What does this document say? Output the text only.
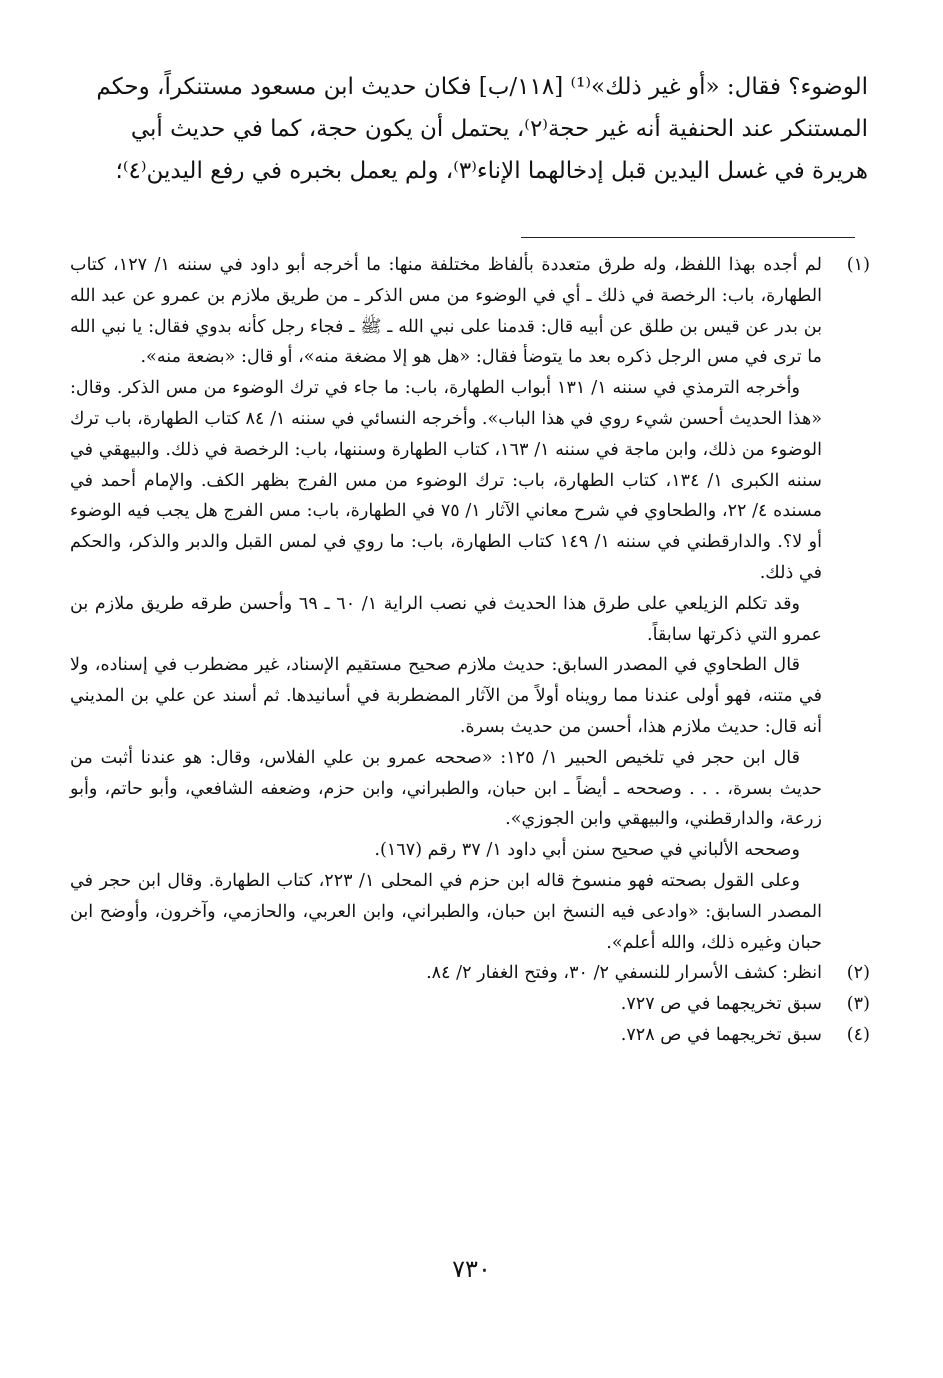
الوضوء؟ فقال: «أو غير ذلك»⁽¹⁾ [١١٨/ب] فكان حديث ابن مسعود مستنكراً، وحكم

المستنكر عند الحنفية أنه غير حجة⁽٢⁾، يحتمل أن يكون حجة، كما في حديث أبي

هريرة في غسل اليدين قبل إدخالهما الإناء⁽٣⁾، ولم يعمل بخبره في رفع اليدين⁽٤⁾؛

(١)

لم أجده بهذا اللفظ، وله طرق متعددة بألفاظ مختلفة منها: ما أخرجه أبو داود في سننه ١/ ١٢٧، كتاب الطهارة، باب: الرخصة في ذلك ـ أي في الوضوء من مس الذكر ـ من طريق ملازم بن عمرو عن عبد الله بن بدر عن قيس بن طلق عن أبيه قال: قدمنا على نبي الله ـ ﷺ ـ فجاء رجل كأنه بدوي فقال: يا نبي الله ما ترى في مس الرجل ذكره بعد ما يتوضأ فقال: «هل هو إلا مضغة منه»، أو قال: «بضعة منه».

وأخرجه الترمذي في سننه ١/ ١٣١ أبواب الطهارة، باب: ما جاء في ترك الوضوء من مس الذكر. وقال: «هذا الحديث أحسن شيء روي في هذا الباب». وأخرجه النسائي في سننه ١/ ٨٤ كتاب الطهارة، باب ترك الوضوء من ذلك، وابن ماجة في سننه ١/ ١٦٣، كتاب الطهارة وسننها، باب: الرخصة في ذلك. والبيهقي في سننه الكبرى ١/ ١٣٤، كتاب الطهارة، باب: ترك الوضوء من مس الفرج بظهر الكف. والإمام أحمد في مسنده ٤/ ٢٢، والطحاوي في شرح معاني الآثار ١/ ٧٥ في الطهارة، باب: مس الفرج هل يجب فيه الوضوء أو لا؟. والدارقطني في سننه ١/ ١٤٩ كتاب الطهارة، باب: ما روي في لمس القبل والدبر والذكر، والحكم في ذلك.

وقد تكلم الزيلعي على طرق هذا الحديث في نصب الراية ١/ ٦٠ ـ ٦٩ وأحسن طرقه طريق ملازم بن عمرو التي ذكرتها سابقاً.

قال الطحاوي في المصدر السابق: حديث ملازم صحيح مستقيم الإسناد، غير مضطرب في إسناده، ولا في متنه، فهو أولى عندنا مما رويناه أولاً من الآثار المضطربة في أسانيدها. ثم أسند عن علي بن المديني أنه قال: حديث ملازم هذا، أحسن من حديث بسرة.

قال ابن حجر في تلخيص الحبير ١/ ١٢٥: «صححه عمرو بن علي الفلاس، وقال: هو عندنا أثبت من حديث بسرة، . . . وصححه ـ أيضاً ـ ابن حبان، والطبراني، وابن حزم، وضعفه الشافعي، وأبو حاتم، وأبو زرعة، والدارقطني، والبيهقي وابن الجوزي».

وصححه الألباني في صحيح سنن أبي داود ١/ ٣٧ رقم (١٦٧).

وعلى القول بصحته فهو منسوخ قاله ابن حزم في المحلى ١/ ٢٢٣، كتاب الطهارة. وقال ابن حجر في المصدر السابق: «وادعى فيه النسخ ابن حبان، والطبراني، وابن العربي، والحازمي، وآخرون، وأوضح ابن حبان وغيره ذلك، والله أعلم».

(٢)

انظر: كشف الأسرار للنسفي ٢/ ٣٠، وفتح الغفار ٢/ ٨٤.

(٣)

سبق تخريجهما في ص ٧٢٧.

(٤)

سبق تخريجهما في ص ٧٢٨.

٧٣٠
